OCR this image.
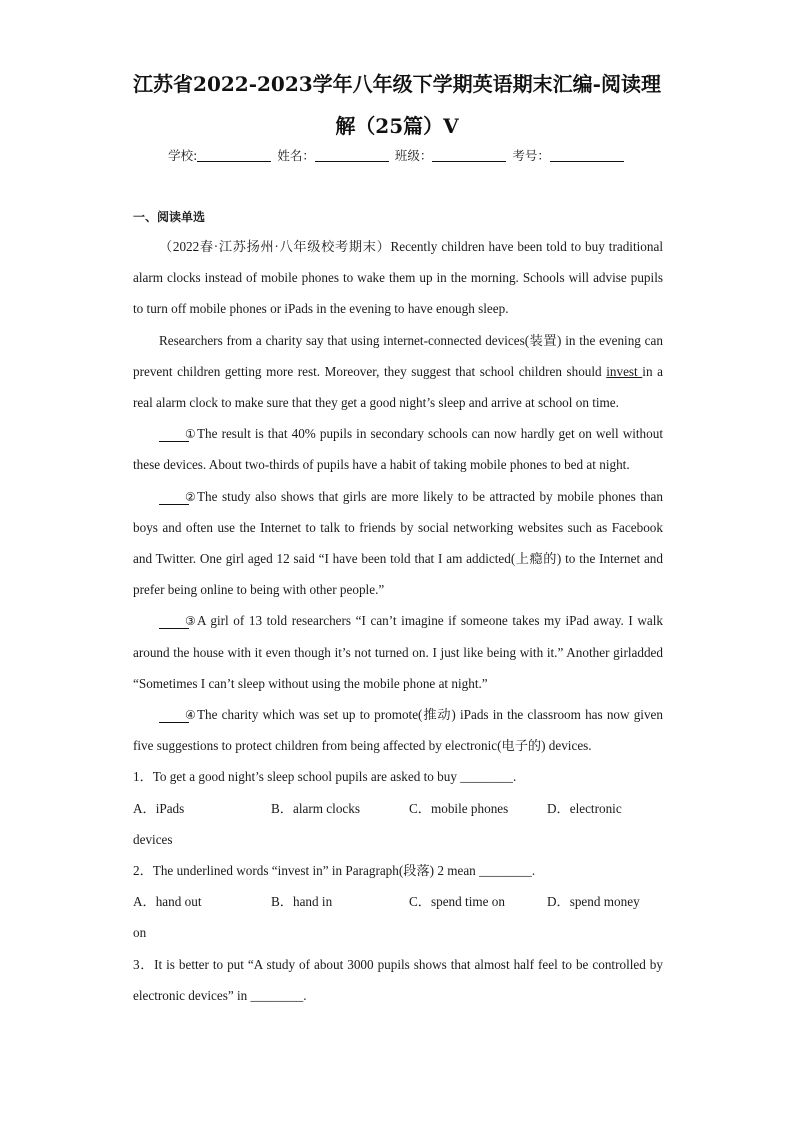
江苏省2022-2023学年八年级下学期英语期末汇编-阅读理
解（25篇）V
学校:	姓名：	班级：	考号：
一、阅读单选

（2022春·江苏扬州·八年级校考期末）Recently children have been told to buy traditional alarm clocks instead of mobile phones to wake them up in the morning. Schools will advise pupils to turn off mobile phones or iPads in the evening to have enough sleep.

Researchers from a charity say that using internet-connected devices(装置) in the evening can prevent children getting more rest. Moreover, they suggest that school children should invest in a real alarm clock to make sure that they get a good night’s sleep and arrive at school on time.

①The result is that 40% pupils in secondary schools can now hardly get on well without these devices. About two-thirds of pupils have a habit of taking mobile phones to bed at night.

②The study also shows that girls are more likely to be attracted by mobile phones than boys and often use the Internet to talk to friends by social networking websites such as Facebook and Twitter. One girl aged 12 said “I have been told that I am addicted(上瘾的) to the Internet and prefer being online to being with other people.”

③A girl of 13 told researchers “I can’t imagine if someone takes my iPad away. I walk around the house with it even though it’s not turned on. I just like being with it.” Another girladded “Sometimes I can’t sleep without using the mobile phone at night.”

④The charity which was set up to promote(推动) iPads in the classroom has now given five suggestions to protect children from being affected by electronic(电子的) devices.

1．To get a good night’s sleep school pupils are asked to buy ________.

A．iPads	B．alarm clocks	C．mobile phones	D．electronic

devices

2．The underlined words “invest in” in Paragraph(段落) 2 mean ________.

A．hand out	B．hand in	C．spend time on	D．spend money

on

3．It is better to put “A study of about 3000 pupils shows that almost half feel to be controlled by electronic devices” in ________.
